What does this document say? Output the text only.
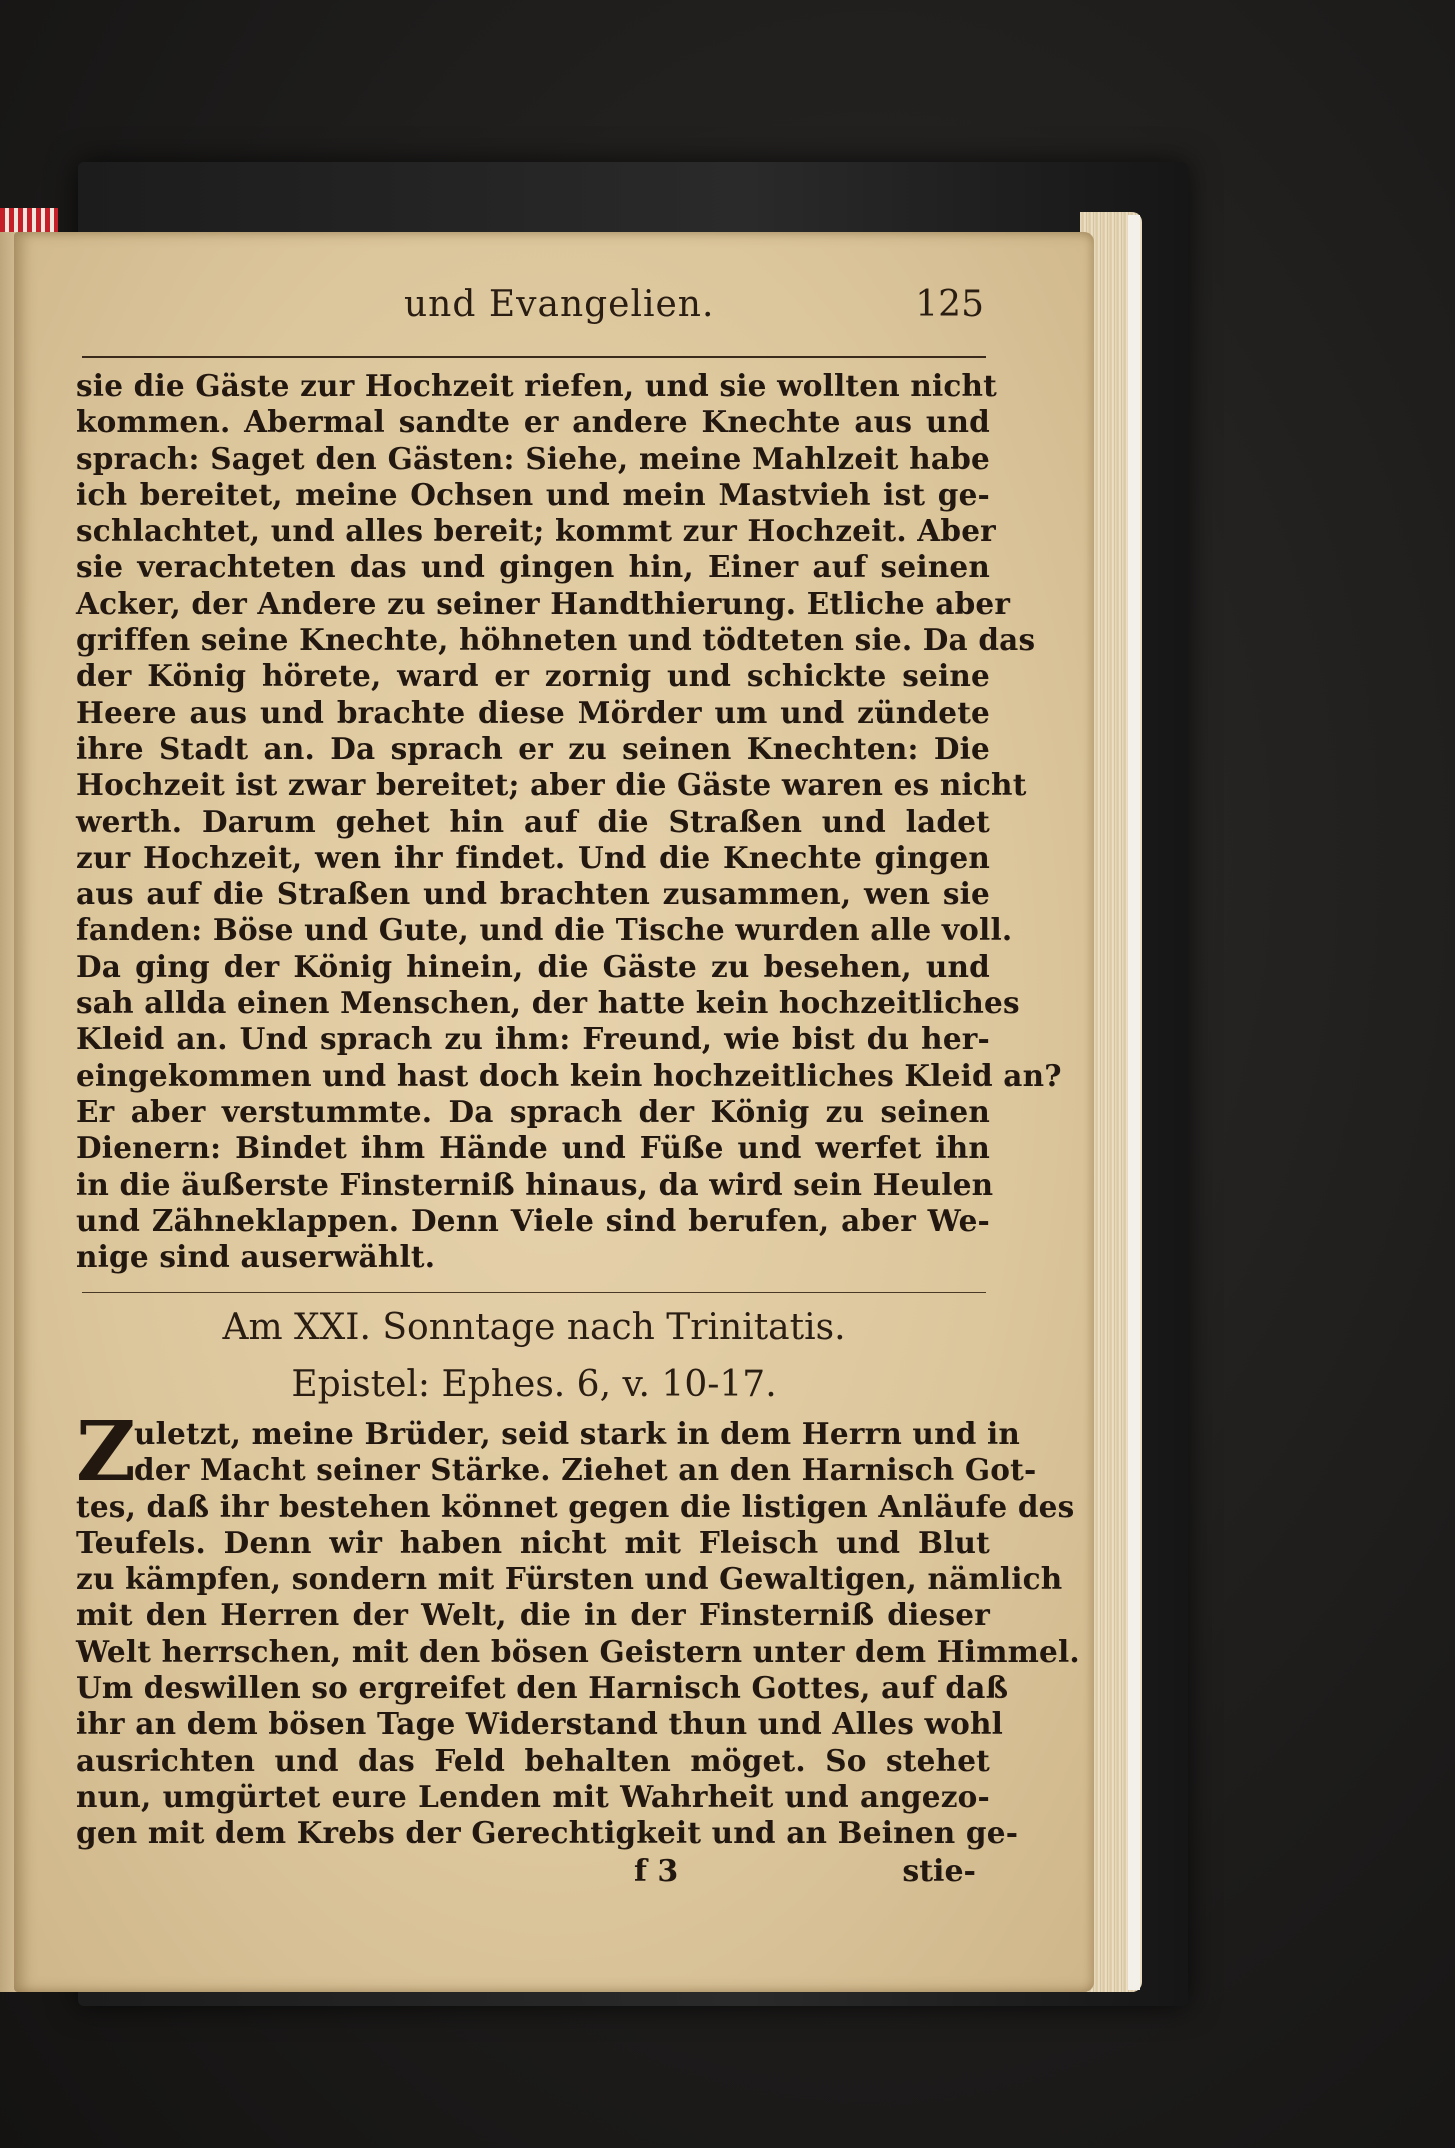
und Evangelien.	125
sie die Gäste zur Hochzeit riefen, und sie wollten nicht
kommen. Abermal sandte er andere Knechte aus und
sprach: Saget den Gästen: Siehe, meine Mahlzeit habe
ich bereitet, meine Ochsen und mein Mastvieh ist ge-
schlachtet, und alles bereit; kommt zur Hochzeit. Aber
sie verachteten das und gingen hin, Einer auf seinen
Acker, der Andere zu seiner Handthierung. Etliche aber
griffen seine Knechte, höhneten und tödteten sie. Da das
der König hörete, ward er zornig und schickte seine
Heere aus und brachte diese Mörder um und zündete
ihre Stadt an. Da sprach er zu seinen Knechten: Die
Hochzeit ist zwar bereitet; aber die Gäste waren es nicht
werth. Darum gehet hin auf die Straßen und ladet
zur Hochzeit, wen ihr findet. Und die Knechte gingen
aus auf die Straßen und brachten zusammen, wen sie
fanden: Böse und Gute, und die Tische wurden alle voll.
Da ging der König hinein, die Gäste zu besehen, und
sah allda einen Menschen, der hatte kein hochzeitliches
Kleid an. Und sprach zu ihm: Freund, wie bist du her-
eingekommen und hast doch kein hochzeitliches Kleid an?
Er aber verstummte. Da sprach der König zu seinen
Dienern: Bindet ihm Hände und Füße und werfet ihn
in die äußerste Finsterniß hinaus, da wird sein Heulen
und Zähneklappen. Denn Viele sind berufen, aber We-
nige sind auserwählt.
Am XXI. Sonntage nach Trinitatis.
Epistel: Ephes. 6, v. 10-17.
Z
uletzt, meine Brüder, seid stark in dem Herrn und in
der Macht seiner Stärke. Ziehet an den Harnisch Got-
tes, daß ihr bestehen könnet gegen die listigen Anläufe des
Teufels. Denn wir haben nicht mit Fleisch und Blut
zu kämpfen, sondern mit Fürsten und Gewaltigen, nämlich
mit den Herren der Welt, die in der Finsterniß dieser
Welt herrschen, mit den bösen Geistern unter dem Himmel.
Um deswillen so ergreifet den Harnisch Gottes, auf daß
ihr an dem bösen Tage Widerstand thun und Alles wohl
ausrichten und das Feld behalten möget. So stehet
nun, umgürtet eure Lenden mit Wahrheit und angezo-
gen mit dem Krebs der Gerechtigkeit und an Beinen ge-
f 3	stie-
